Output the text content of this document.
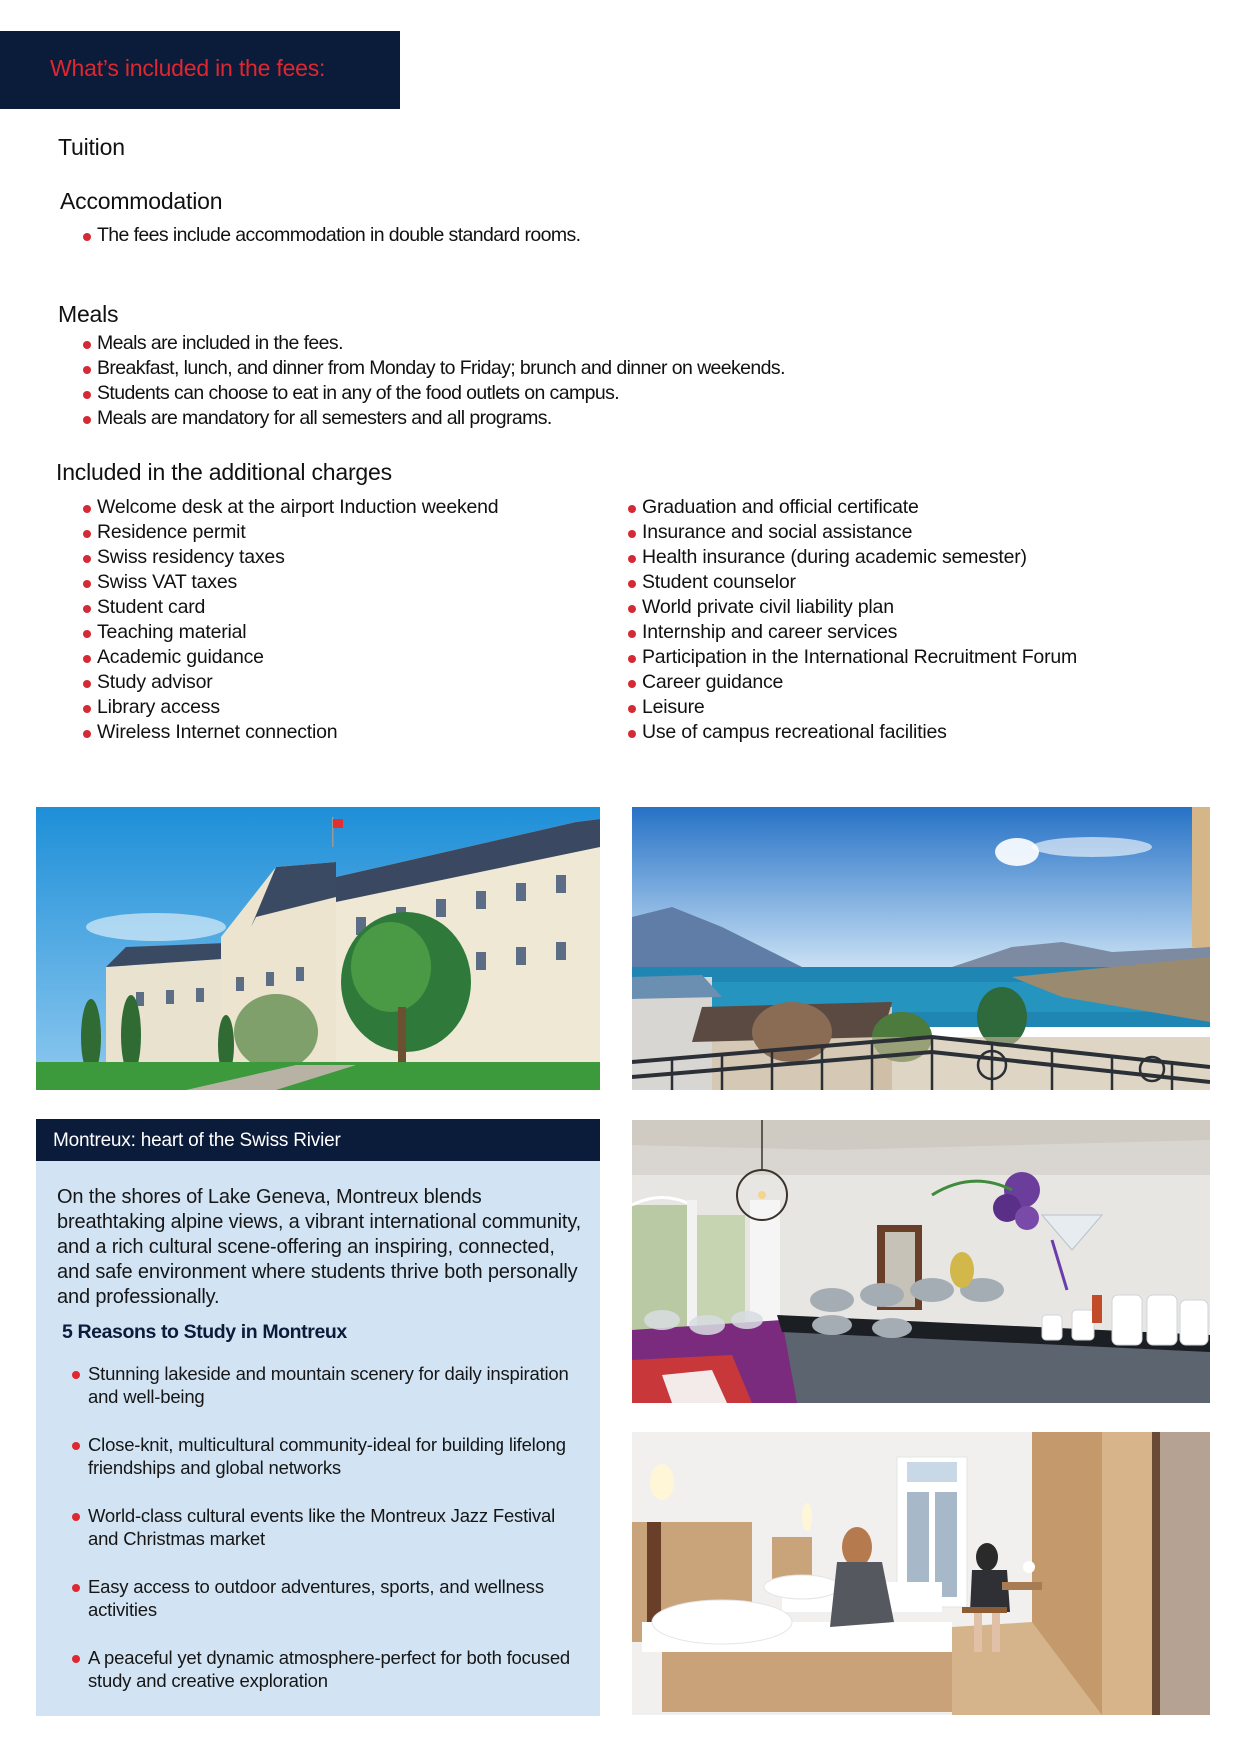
What’s included in the fees:
Tuition
Accommodation
The fees include accommodation in double standard rooms.
Meals
Meals are included in the fees.
Breakfast, lunch, and dinner from Monday to Friday; brunch and dinner on weekends.
Students can choose to eat in any of the food outlets on campus.
Meals are mandatory for all semesters and all programs.
Included in the additional charges
Welcome desk at the airport Induction weekend
Residence permit
Swiss residency taxes
Swiss VAT taxes
Student card
Teaching material
Academic guidance
Study advisor
Library access
Wireless Internet connection
Graduation and official certificate
Insurance and social assistance
Health insurance (during academic semester)
Student counselor
World private civil liability plan
Internship and career services
Participation in the International Recruitment Forum
Career guidance
Leisure
Use of campus recreational facilities
Montreux: heart of the Swiss Rivier
On the shores of Lake Geneva, Montreux blends breathtaking alpine views, a vibrant international community, and a rich cultural scene-offering an inspiring, connected, and safe environment where students thrive both personally and professionally.
5 Reasons to Study in Montreux
Stunning lakeside and mountain scenery for daily inspiration and well-being
Close-knit, multicultural community-ideal for building lifelong friendships and global networks
World-class cultural events like the Montreux Jazz Festival and Christmas market
Easy access to outdoor adventures, sports, and wellness activities
A peaceful yet dynamic atmosphere-perfect for both focused study and creative exploration
